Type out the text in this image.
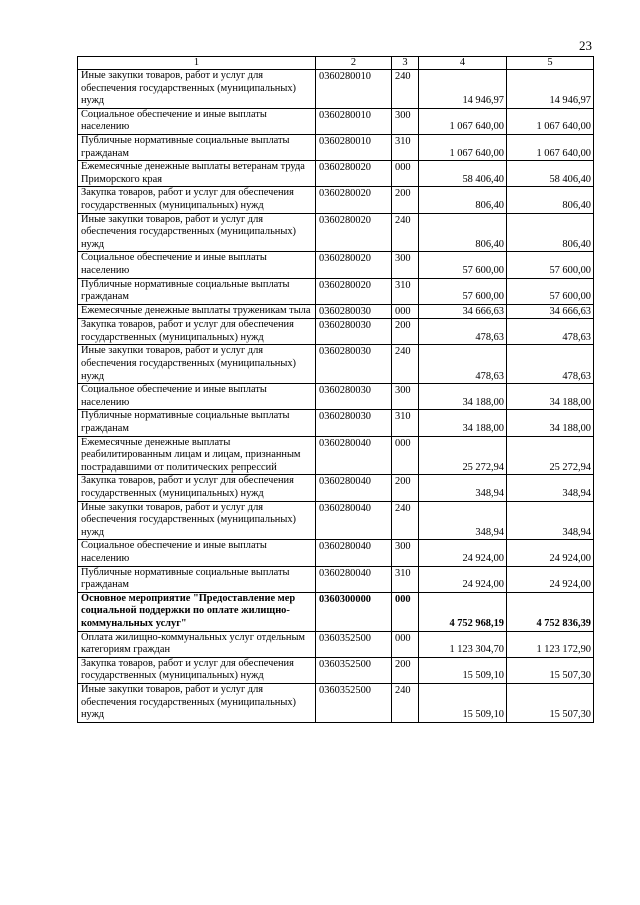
23
1	2	3	4	5
Иные закупки товаров, работ и услуг для обеспечения государственных (муниципальных) нужд	0360280010	240	14 946,97	14 946,97
Социальное обеспечение и иные выплаты населению	0360280010	300	1 067 640,00	1 067 640,00
Публичные нормативные социальные выплаты гражданам	0360280010	310	1 067 640,00	1 067 640,00
Ежемесячные денежные выплаты ветеранам труда Приморского края	0360280020	000	58 406,40	58 406,40
Закупка товаров, работ и услуг для обеспечения государственных (муниципальных) нужд	0360280020	200	806,40	806,40
Иные закупки товаров, работ и услуг для обеспечения государственных (муниципальных) нужд	0360280020	240	806,40	806,40
Социальное обеспечение и иные выплаты населению	0360280020	300	57 600,00	57 600,00
Публичные нормативные социальные выплаты гражданам	0360280020	310	57 600,00	57 600,00
Ежемесячные денежные выплаты труженикам тыла	0360280030	000	34 666,63	34 666,63
Закупка товаров, работ и услуг для обеспечения государственных (муниципальных) нужд	0360280030	200	478,63	478,63
Иные закупки товаров, работ и услуг для обеспечения государственных (муниципальных) нужд	0360280030	240	478,63	478,63
Социальное обеспечение и иные выплаты населению	0360280030	300	34 188,00	34 188,00
Публичные нормативные социальные выплаты гражданам	0360280030	310	34 188,00	34 188,00
Ежемесячные денежные выплаты реабилитированным лицам и лицам, признанным пострадавшими от политических репрессий	0360280040	000	25 272,94	25 272,94
Закупка товаров, работ и услуг для обеспечения государственных (муниципальных) нужд	0360280040	200	348,94	348,94
Иные закупки товаров, работ и услуг для обеспечения государственных (муниципальных) нужд	0360280040	240	348,94	348,94
Социальное обеспечение и иные выплаты населению	0360280040	300	24 924,00	24 924,00
Публичные нормативные социальные выплаты гражданам	0360280040	310	24 924,00	24 924,00
Основное мероприятие "Предоставление мер социальной поддержки по оплате жилищно-коммунальных услуг"	0360300000	000	4 752 968,19	4 752 836,39
Оплата жилищно-коммунальных услуг отдельным категориям граждан	0360352500	000	1 123 304,70	1 123 172,90
Закупка товаров, работ и услуг для обеспечения государственных (муниципальных) нужд	0360352500	200	15 509,10	15 507,30
Иные закупки товаров, работ и услуг для обеспечения государственных (муниципальных) нужд	0360352500	240	15 509,10	15 507,30
